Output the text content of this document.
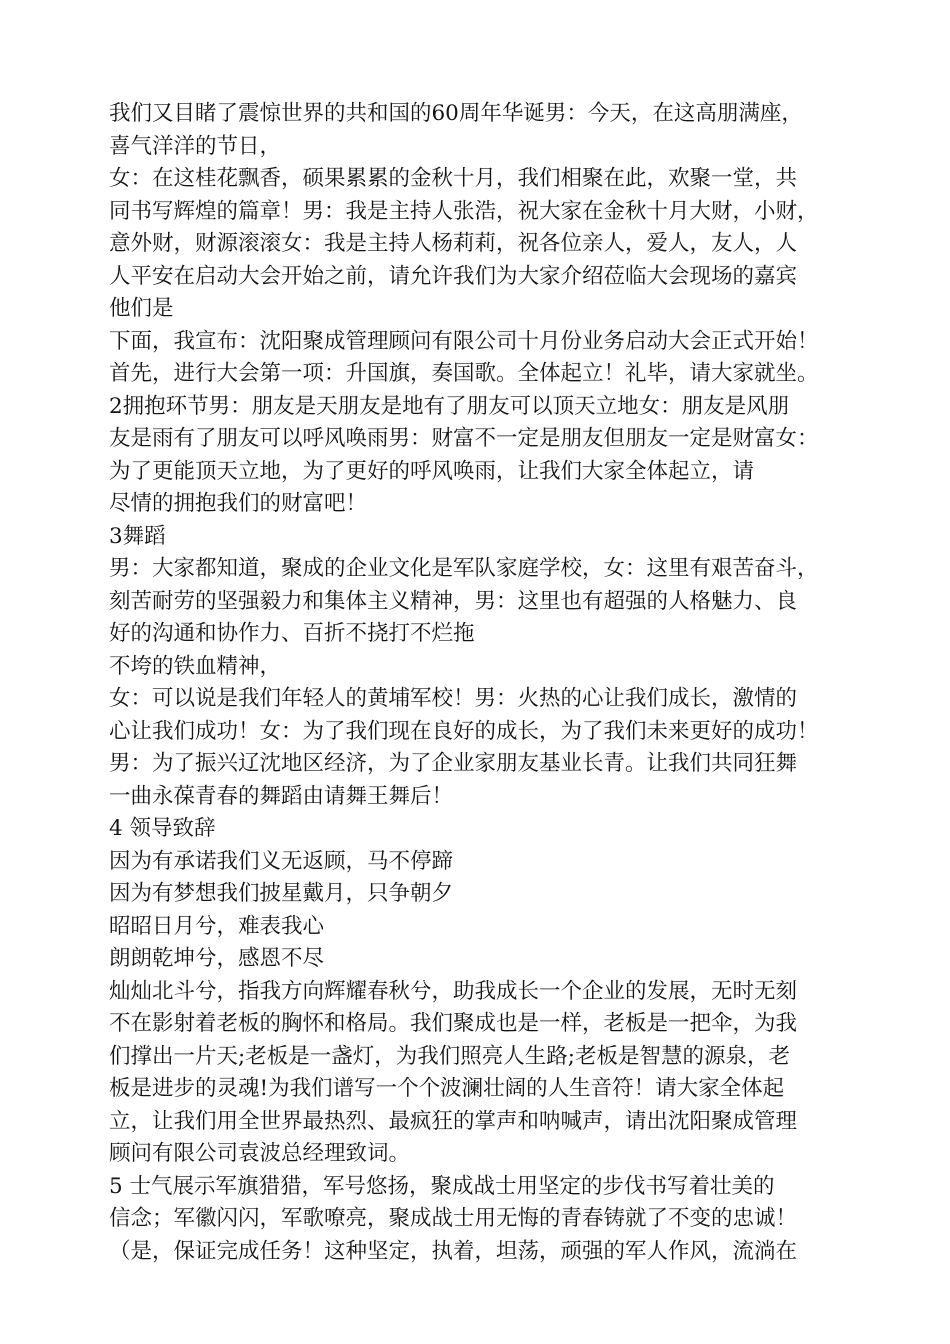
我们又目睹了震惊世界的共和国的60周年华诞男：今天，在这高朋满座，
喜气洋洋的节日，
女：在这桂花飘香，硕果累累的金秋十月，我们相聚在此，欢聚一堂，共
同书写辉煌的篇章！男：我是主持人张浩，祝大家在金秋十月大财，小财，
意外财，财源滚滚女：我是主持人杨莉莉，祝各位亲人，爱人，友人，人
人平安在启动大会开始之前，请允许我们为大家介绍莅临大会现场的嘉宾
他们是
下面，我宣布：沈阳聚成管理顾问有限公司十月份业务启动大会正式开始！
首先，进行大会第一项：升国旗，奏国歌。全体起立！礼毕，请大家就坐。
2拥抱环节男：朋友是天朋友是地有了朋友可以顶天立地女：朋友是风朋
友是雨有了朋友可以呼风唤雨男：财富不一定是朋友但朋友一定是财富女：
为了更能顶天立地，为了更好的呼风唤雨，让我们大家全体起立，请
尽情的拥抱我们的财富吧！
3舞蹈
男：大家都知道，聚成的企业文化是军队家庭学校，女：这里有艰苦奋斗，
刻苦耐劳的坚强毅力和集体主义精神，男：这里也有超强的人格魅力、良
好的沟通和协作力、百折不挠打不烂拖
不垮的铁血精神，
女：可以说是我们年轻人的黄埔军校！男：火热的心让我们成长，激情的
心让我们成功！女：为了我们现在良好的成长，为了我们未来更好的成功！
男：为了振兴辽沈地区经济，为了企业家朋友基业长青。让我们共同狂舞
一曲永葆青春的舞蹈由请舞王舞后！
4 领导致辞
因为有承诺我们义无返顾，马不停蹄
因为有梦想我们披星戴月，只争朝夕
昭昭日月兮，难表我心
朗朗乾坤兮，感恩不尽
灿灿北斗兮，指我方向辉耀春秋兮，助我成长一个企业的发展，无时无刻
不在影射着老板的胸怀和格局。我们聚成也是一样，老板是一把伞，为我
们撑出一片天;老板是一盏灯，为我们照亮人生路;老板是智慧的源泉，老
板是进步的灵魂!为我们谱写一个个波澜壮阔的人生音符！请大家全体起
立，让我们用全世界最热烈、最疯狂的掌声和呐喊声，请出沈阳聚成管理
顾问有限公司袁波总经理致词。
5 士气展示军旗猎猎，军号悠扬，聚成战士用坚定的步伐书写着壮美的
信念；军徽闪闪，军歌嘹亮，聚成战士用无悔的青春铸就了不变的忠诚！
（是，保证完成任务！这种坚定，执着，坦荡，顽强的军人作风，流淌在
